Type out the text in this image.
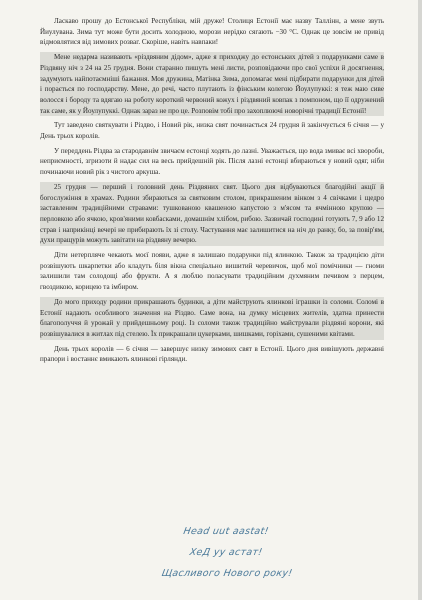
Ласкаво прошу до Естонської Республіки, мій друже! Столиця Естонії має назву Таллінн, а мене звуть Йиулувана. Зима тут може бути досить холодною, морози нерідко сягають −30 °С. Однак це зовсім не привід відмовлятися від зимових розваг. Скоріше, навіть навпаки!

Мене недарма називають «різдвяним дідом», адже я приходжу до естонських дітей з подарунками саме в Різдвяну ніч з 24 на 25 грудня. Вони старанно пишуть мені листи, розповідаючи про свої успіхи й досягнення, задумують найпотаємніші бажання. Моя дружина, Матінка Зима, допомагає мені підбирати подарунки для дітей і порається по господарству. Мене, до речі, часто плутають із фінським колегою Йоулупуккі: я теж маю сиве волосся і бороду та вдягаю на роботу короткий червоний кожух і різдвяний ковпак з помпоном, що її одружений так саме, як у Йоулупуккі. Однак зараз не про це. Розповім тобі про захоплюючі новорічні традиції Естонії!

Тут заведено святкувати і Різдво, і Новий рік, низка свят починається 24 грудня й закінчується 6 січня — у День трьох королів.

У переддень Різдва за стародавнім звичаєм естонці ходять до лазні. Уважається, що вода змиває всі хвороби, неприємності, згризоти й надає сил на весь прийдешній рік. Після лазні естонці вбираються у новий одяг, ніби починаючи новий рік з чистого аркуша.

25 грудня — перший і головний день Різдвяних свят. Цього дня відбуваються благодійні акції й богослужіння в храмах. Родини збираються за святковим столом, прикрашеним вінком з 4 свічками і щедро заставленим традиційними стравами: тушкованою квашеною капустою з м'ясом та ячмінною крупою — перловкою або ячкою, кров'яними ковбасками, домашнім хлібом, рибою. Зазвичай господині готують 7, 9 або 12 страв і наприкінці вечері не прибирають їх зі столу. Частування має залишитися на ніч до ранку, бо, за повір'ям, духи пращурів можуть завітати на різдвяну вечерю.

Діти нетерпляче чекають моєї появи, адже я залишаю подарунки під ялинкою. Також за традицією діти розвішують шкарпетки або кладуть біля вікна спеціально вишитий черевичок, щоб мої помічники — гноми залишили там солодощі або фрукти. А я люблю поласувати традиційним духмяним печивом з перцем, гвоздикою, корицею та імбиром.

До мого приходу родини прикрашають будинки, а діти майструють ялинкові іграшки із соломи. Соломі в Естонії надають особливого значення на Різдво. Саме вона, на думку місцевих жителів, здатна принести благополуччя й урожай у прийдешньому році. Із соломи також традиційно майстрували різдвяні корони, які розвішувалися в житлах під стелею. Їх прикрашали цукерками, шишками, горіхами, сушеними квітами.

День трьох королів — 6 січня — завершує низку зимових свят в Естонії. Цього дня вивішують державні прапори і востаннє вмикають ялинкові гірлянди.

Head uut aastat!
ХеД уу астат!
Щасливого Нового року!
